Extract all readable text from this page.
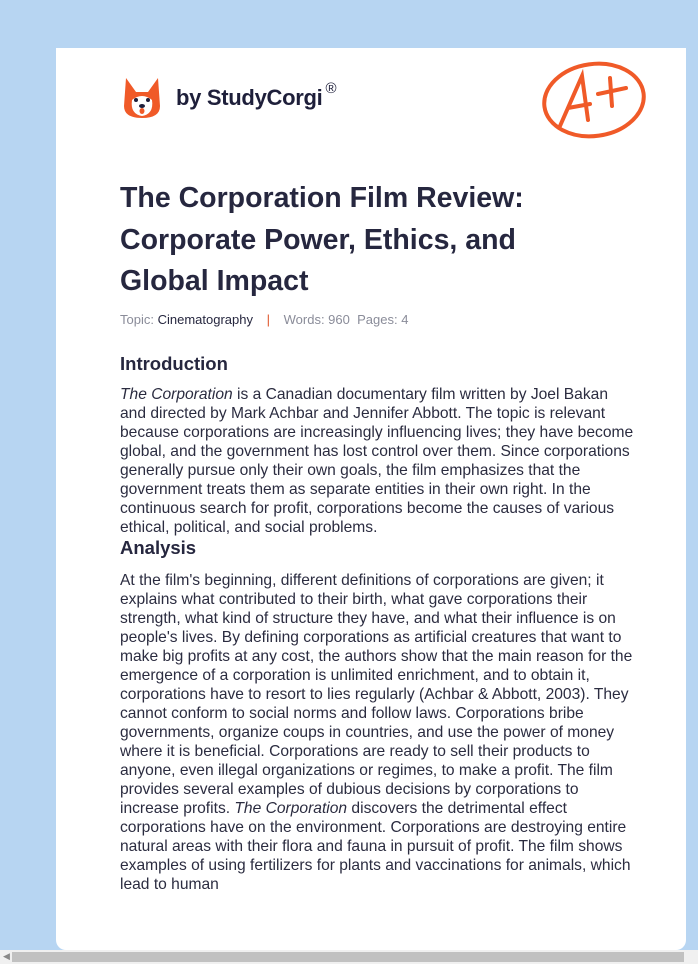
by StudyCorgi ®
The Corporation Film Review: Corporate Power, Ethics, and Global Impact
Topic: Cinematography | Words: 960 Pages: 4
Introduction

The Corporation is a Canadian documentary film written by Joel Bakan and directed by Mark Achbar and Jennifer Abbott. The topic is relevant because corporations are increasingly influencing lives; they have become global, and the government has lost control over them. Since corporations generally pursue only their own goals, the film emphasizes that the government treats them as separate entities in their own right. In the continuous search for profit, corporations become the causes of various ethical, political, and social problems.

Analysis

At the film's beginning, different definitions of corporations are given; it explains what contributed to their birth, what gave corporations their strength, what kind of structure they have, and what their influence is on people's lives. By defining corporations as artificial creatures that want to make big profits at any cost, the authors show that the main reason for the emergence of a corporation is unlimited enrichment, and to obtain it, corporations have to resort to lies regularly (Achbar & Abbott, 2003). They cannot conform to social norms and follow laws. Corporations bribe governments, organize coups in countries, and use the power of money where it is beneficial. Corporations are ready to sell their products to anyone, even illegal organizations or regimes, to make a profit. The film provides several examples of dubious decisions by corporations to increase profits. The Corporation discovers the detrimental effect corporations have on the environment. Corporations are destroying entire natural areas with their flora and fauna in pursuit of profit. The film shows examples of using fertilizers for plants and vaccinations for animals, which lead to human

◀
